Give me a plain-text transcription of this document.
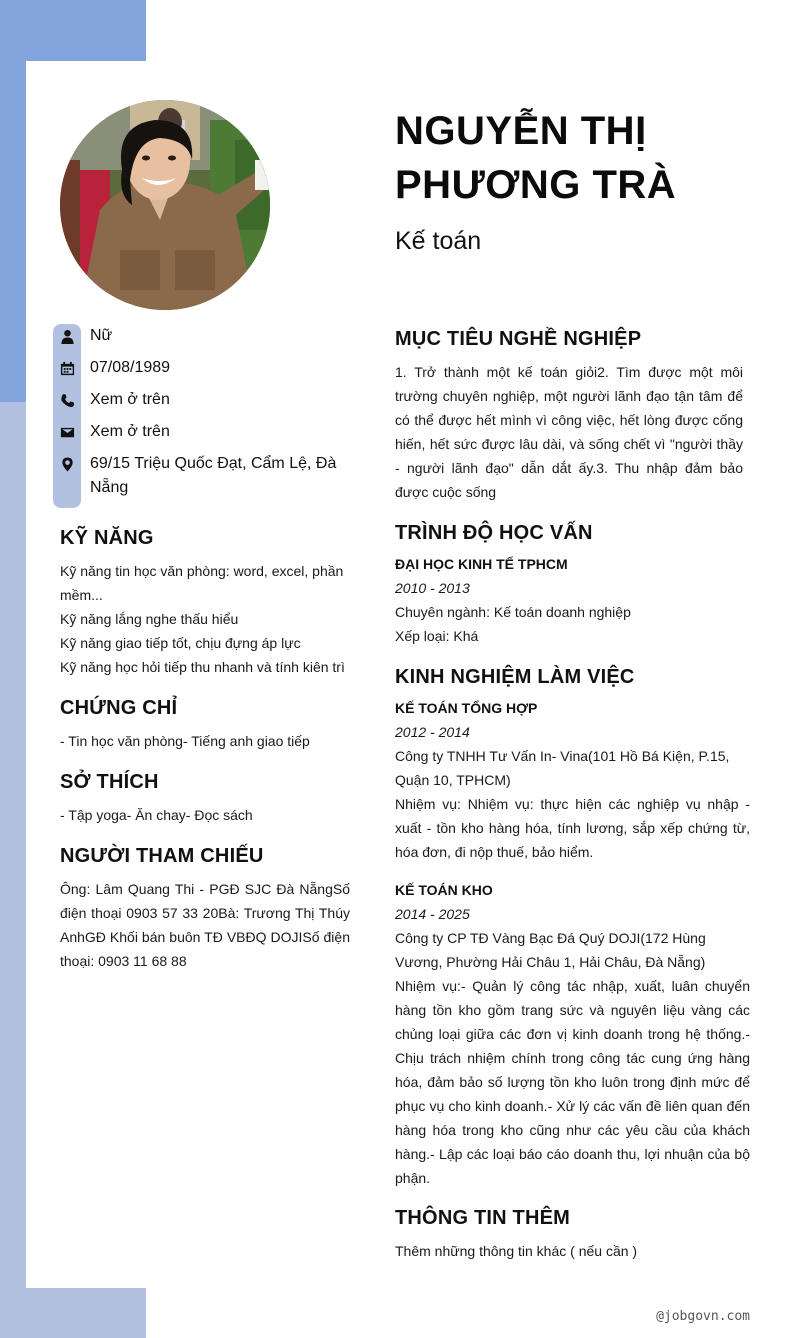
NGUYỄN THỊ PHƯƠNG TRÀ
Kế toán
Nữ
07/08/1989
Xem ở trên
Xem ở trên
69/15 Triệu Quốc Đạt, Cẩm Lệ, Đà Nẵng
KỸ NĂNG
Kỹ năng tin học văn phòng: word, excel, phần mềm...
Kỹ năng lắng nghe thấu hiểu
Kỹ năng giao tiếp tốt, chịu đựng áp lực
Kỹ năng học hỏi tiếp thu nhanh và tính kiên trì
CHỨNG CHỈ
- Tin học văn phòng- Tiếng anh giao tiếp
SỞ THÍCH
- Tập yoga- Ăn chay- Đọc sách
NGƯỜI THAM CHIẾU
Ông: Lâm Quang Thi - PGĐ SJC Đà NẵngSố điện thoại 0903 57 33 20Bà: Trương Thị Thúy AnhGĐ Khối bán buôn TĐ VBĐQ DOJISố điện thoại: 0903 11 68 88
MỤC TIÊU NGHỀ NGHIỆP
1. Trở thành một kế toán giỏi2. Tìm được một môi trường chuyên nghiệp, một người lãnh đạo tận tâm để có thể được hết mình vì công việc, hết lòng được cống hiến, hết sức được lâu dài, và sống chết vì "người thầy - người lãnh đạo" dẫn dắt ấy.3. Thu nhập đảm bảo được cuộc sống
TRÌNH ĐỘ HỌC VẤN
ĐẠI HỌC KINH TẾ TPHCM
2010 - 2013
Chuyên ngành: Kế toán doanh nghiệp
Xếp loại: Khá
KINH NGHIỆM LÀM VIỆC
KẾ TOÁN TỔNG HỢP
2012 - 2014
Công ty TNHH Tư Vấn In- Vina(101 Hồ Bá Kiện, P.15, Quận 10, TPHCM)
Nhiệm vụ: Nhiệm vụ: thực hiện các nghiệp vụ nhập - xuất - tồn kho hàng hóa, tính lương, sắp xếp chứng từ, hóa đơn, đi nộp thuế, bảo hiểm.
KẾ TOÁN KHO
2014 - 2025
Công ty CP TĐ Vàng Bạc Đá Quý DOJI(172 Hùng Vương, Phường Hải Châu 1, Hải Châu, Đà Nẵng)
Nhiệm vụ:- Quản lý công tác nhập, xuất, luân chuyển hàng tồn kho gồm trang sức và nguyên liệu vàng các chủng loại giữa các đơn vị kinh doanh trong hệ thống.- Chịu trách nhiệm chính trong công tác cung ứng hàng hóa, đảm bảo số lượng tồn kho luôn trong định mức để phục vụ cho kinh doanh.- Xử lý các vấn đề liên quan đến hàng hóa trong kho cũng như các yêu cầu của khách hàng.- Lập các loại báo cáo doanh thu, lợi nhuận của bộ phận.
THÔNG TIN THÊM
Thêm những thông tin khác ( nếu cần )
@jobgovn.com
